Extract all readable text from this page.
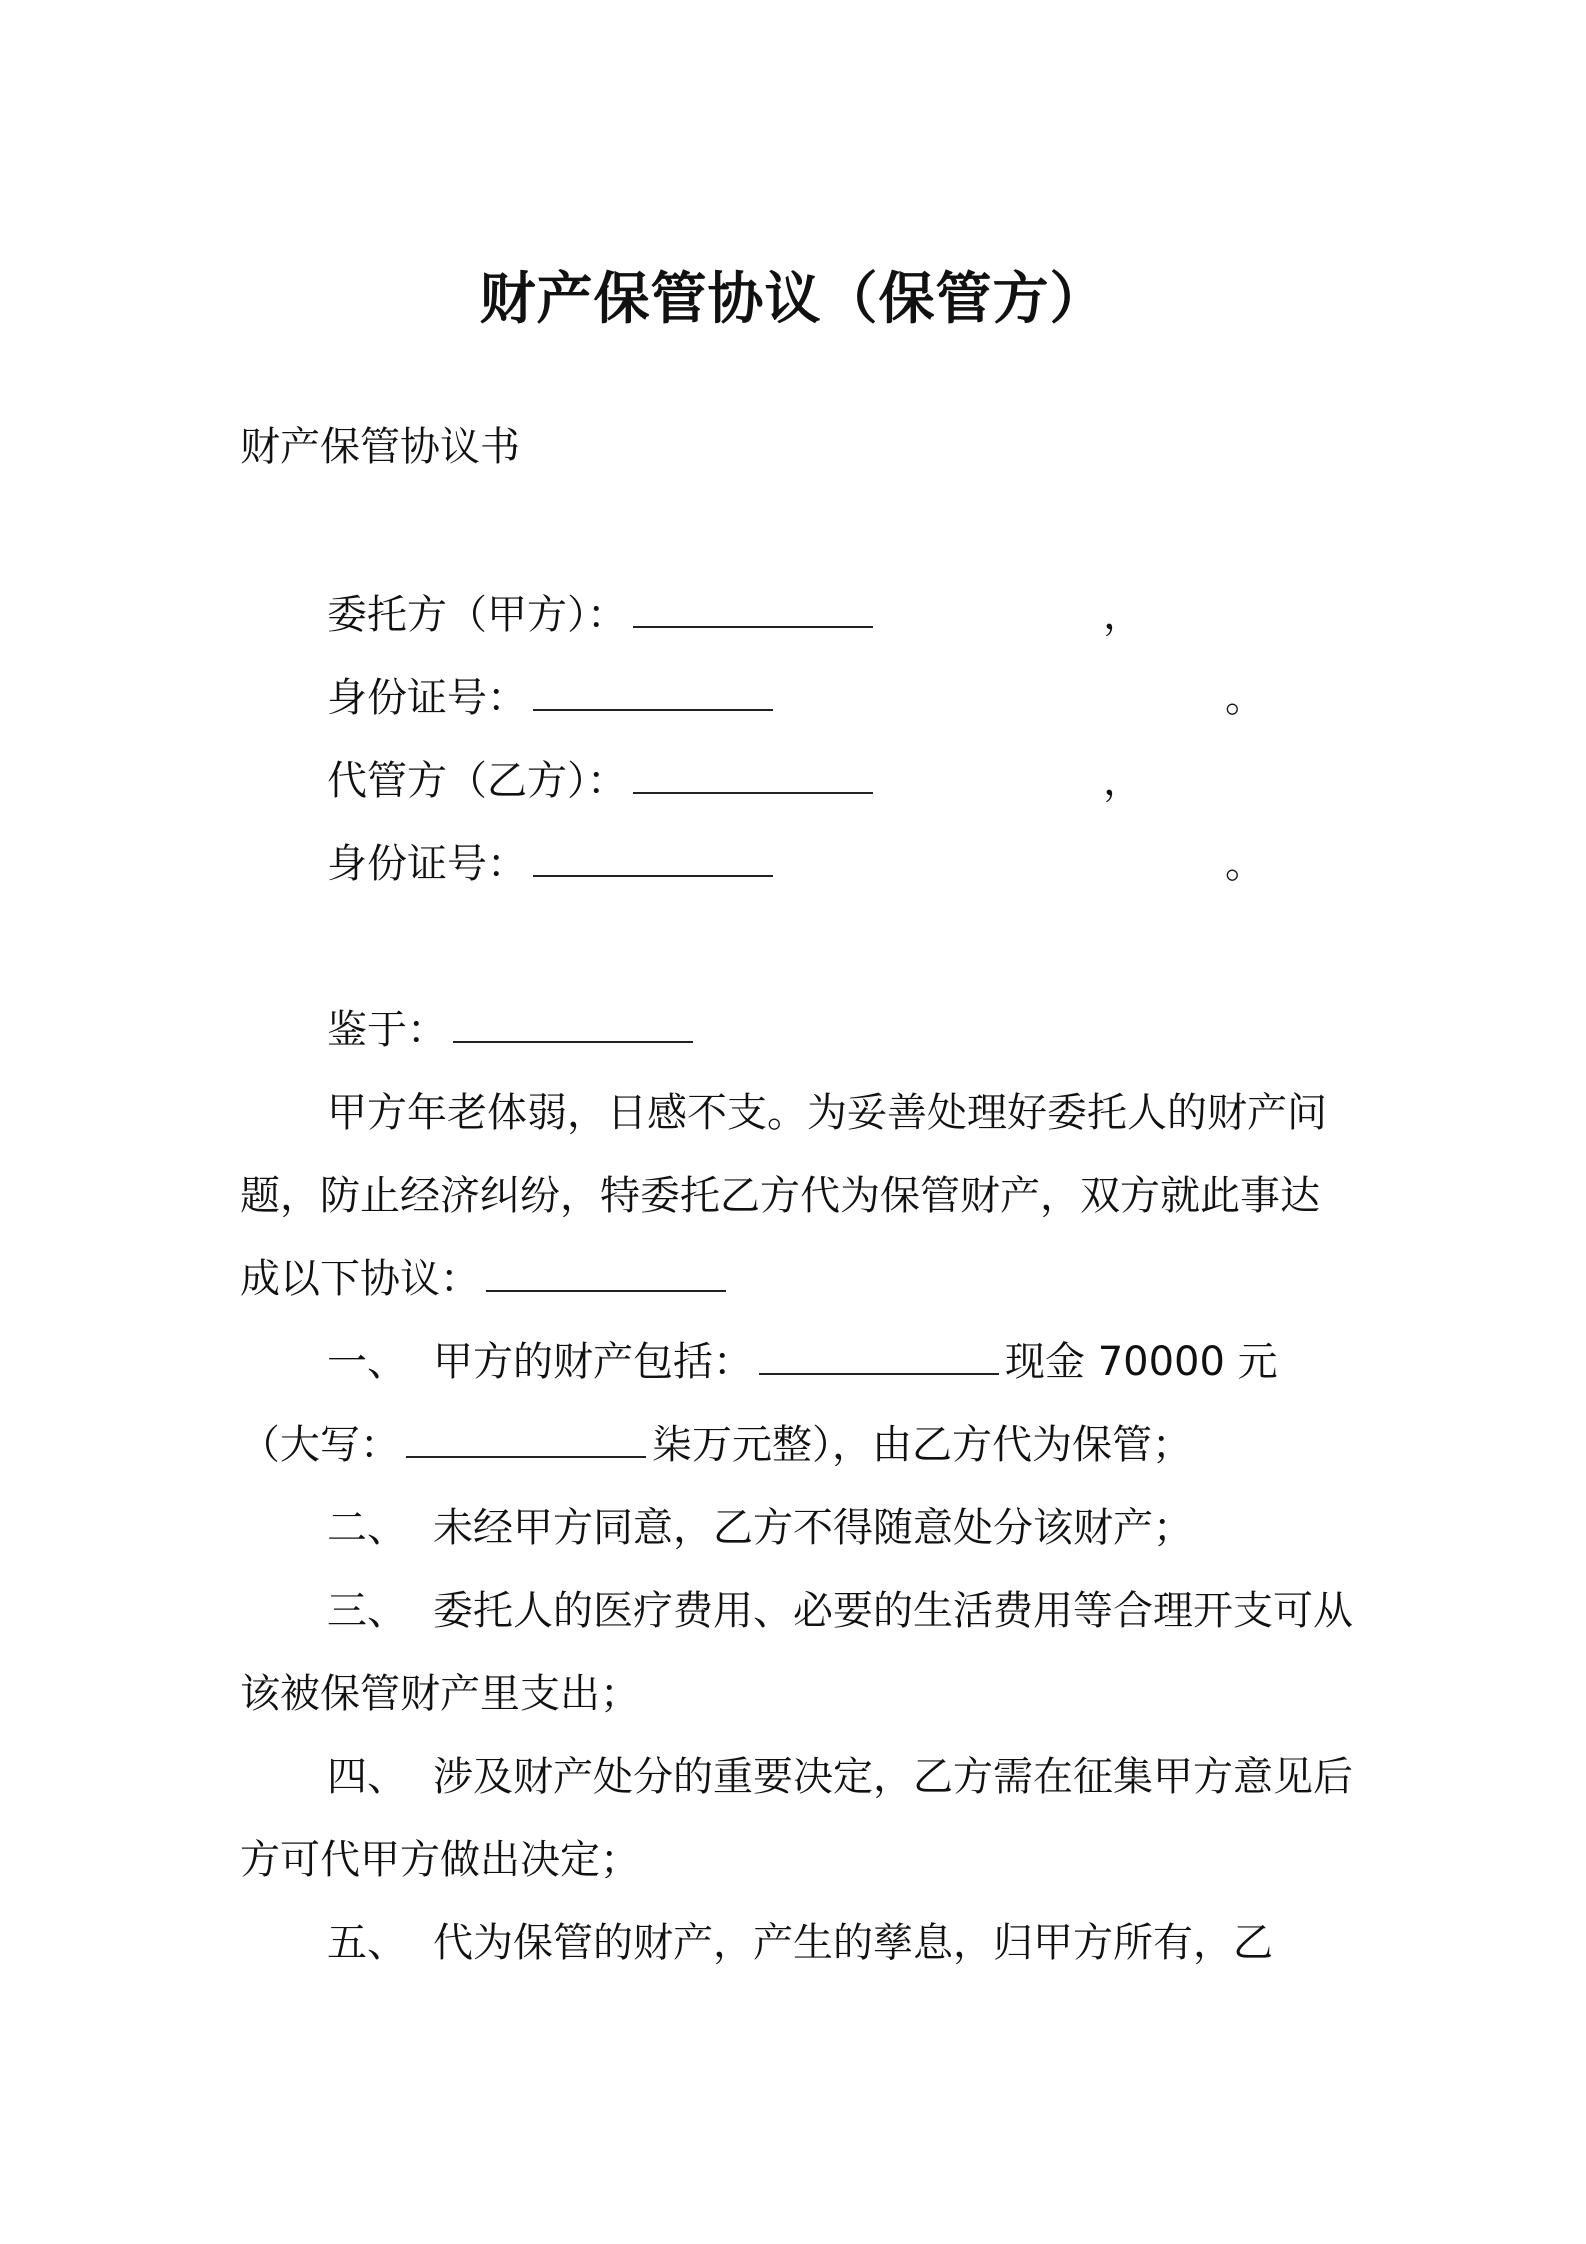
财产保管协议（保管方）
财产保管协议书
委托方（甲方）：	，
身份证号：	。
代管方（乙方）：	，
身份证号：	。
鉴于：
甲方年老体弱，日感不支。为妥善处理好委托人的财产问题，防止经济纠纷，特委托乙方代为保管财产，双方就此事达成以下协议：
一、 甲方的财产包括：	现金 70000 元（大写：	柒万元整），由乙方代为保管；
二、 未经甲方同意，乙方不得随意处分该财产；
三、 委托人的医疗费用、必要的生活费用等合理开支可从该被保管财产里支出；
四、 涉及财产处分的重要决定，乙方需在征集甲方意见后方可代甲方做出决定；
五、 代为保管的财产，产生的孳息，归甲方所有，乙
